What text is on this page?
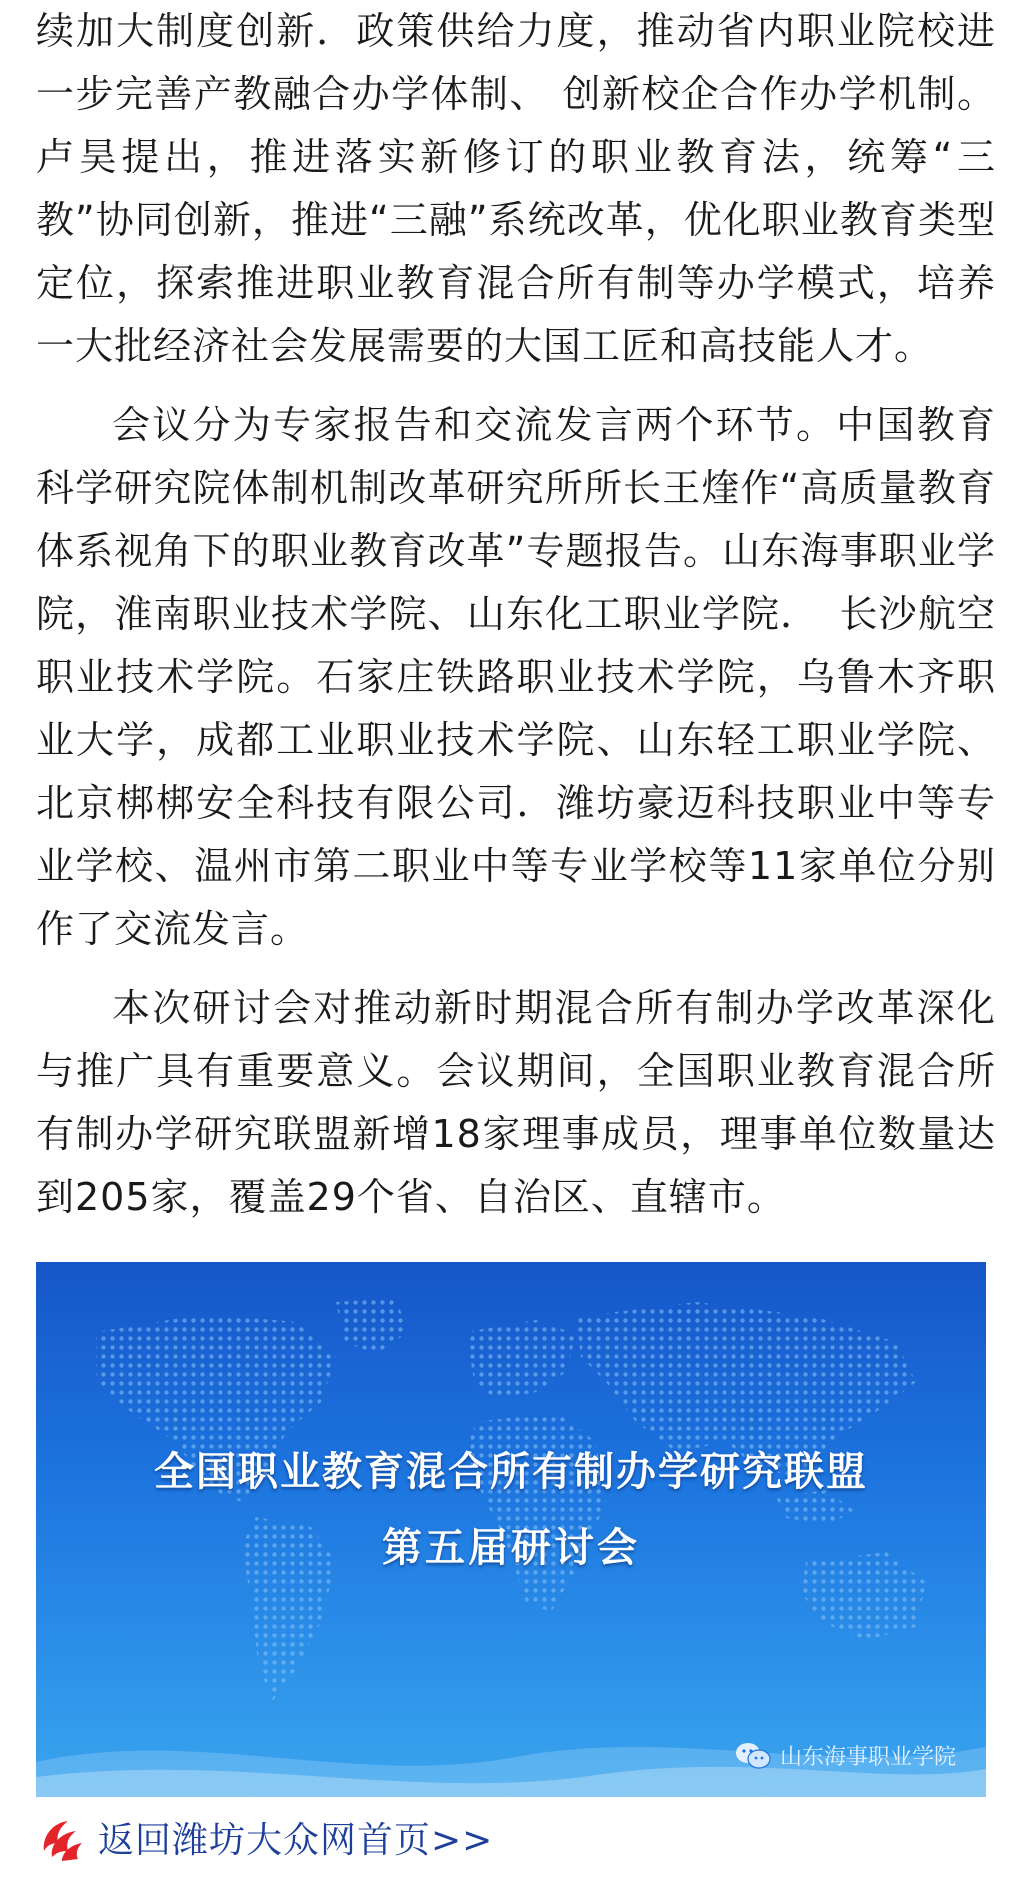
续加大制度创新．政策供给力度，推动省内职业院校进一步完善产教融合办学体制、 创新校企合作办学机制。卢昊提出，推进落实新修订的职业教育法，统筹“三教”协同创新，推进“三融”系统改革，优化职业教育类型定位，探索推进职业教育混合所有制等办学模式，培养一大批经济社会发展需要的大国工匠和高技能人才。

会议分为专家报告和交流发言两个环节。中国教育科学研究院体制机制改革研究所所长王煃作“高质量教育体系视角下的职业教育改革”专题报告。山东海事职业学院，淮南职业技术学院、山东化工职业学院．　长沙航空职业技术学院。石家庄铁路职业技术学院，乌鲁木齐职业大学，成都工业职业技术学院、山东轻工职业学院、北京梆梆安全科技有限公司．潍坊豪迈科技职业中等专业学校、温州市第二职业中等专业学校等11家单位分别作了交流发言。

本次研讨会对推动新时期混合所有制办学改革深化与推广具有重要意义。会议期间，全国职业教育混合所有制办学研究联盟新增18家理事成员，理事单位数量达到205家，覆盖29个省、自治区、直辖市。

全国职业教育混合所有制办学研究联盟
第五届研讨会
山东海事职业学院
返回潍坊大众网首页>>
